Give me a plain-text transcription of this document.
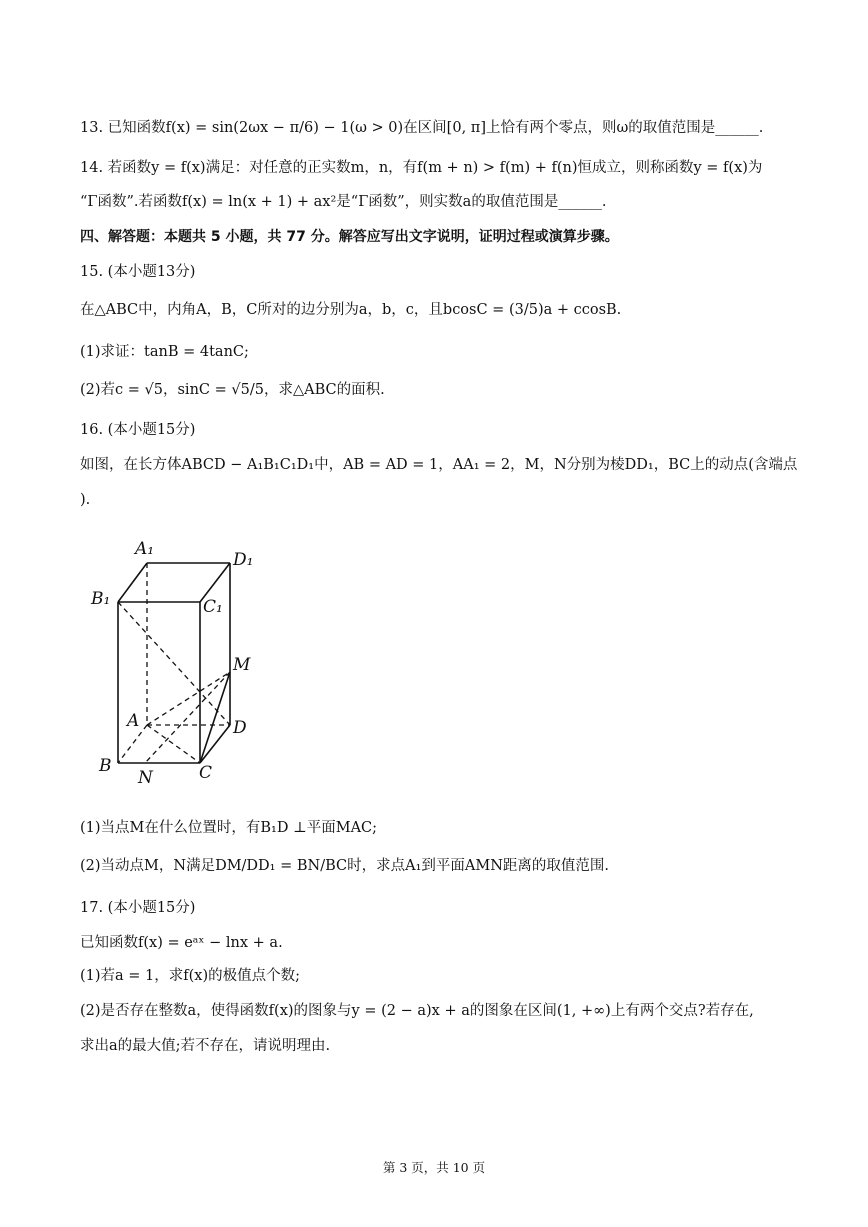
13. 已知函数f(x) = sin(2ωx − π/6) − 1(ω > 0)在区间[0, π]上恰有两个零点，则ω的取值范围是______.
14. 若函数y = f(x)满足：对任意的正实数m，n，有f(m + n) > f(m) + f(n)恒成立，则称函数y = f(x)为
“Γ函数”.若函数f(x) = ln(x + 1) + ax²是“Γ函数”，则实数a的取值范围是______.
四、解答题：本题共 5 小题，共 77 分。解答应写出文字说明，证明过程或演算步骤。
15. (本小题13分)
在△ABC中，内角A，B，C所对的边分别为a，b，c，且bcosC = (3/5)a + ccosB.
(1)求证：tanB = 4tanC;
(2)若c = √5，sinC = √5/5，求△ABC的面积.
16. (本小题15分)
如图，在长方体ABCD − A₁B₁C₁D₁中，AB = AD = 1，AA₁ = 2，M，N分别为棱DD₁，BC上的动点(含端点
).
A₁
D₁
B₁	C₁
M
A	D
B
N	C
(1)当点M在什么位置时，有B₁D ⊥平面MAC;
(2)当动点M，N满足DM/DD₁ = BN/BC时，求点A₁到平面AMN距离的取值范围.
17. (本小题15分)
已知函数f(x) = eᵃˣ − lnx + a.
(1)若a = 1，求f(x)的极值点个数;
(2)是否存在整数a，使得函数f(x)的图象与y = (2 − a)x + a的图象在区间(1, +∞)上有两个交点?若存在,
求出a的最大值;若不存在，请说明理由.
第 3 页，共 10 页
